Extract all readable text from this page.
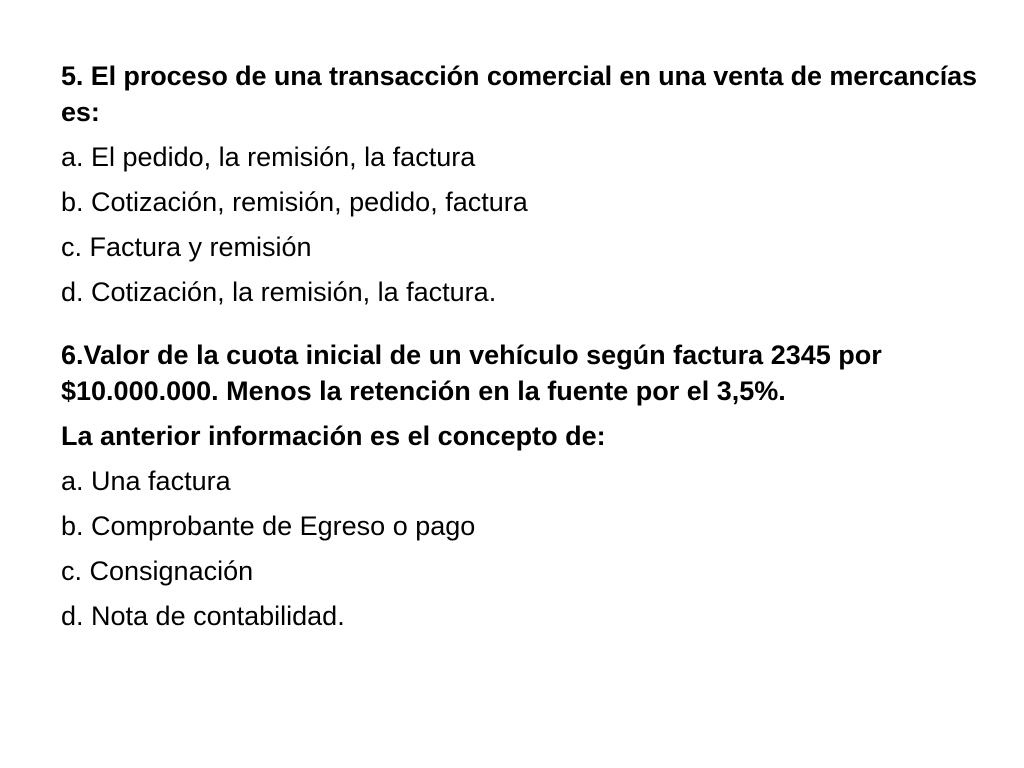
5. El proceso de una transacción comercial en una venta de mercancías es:

a. El pedido, la remisión, la factura

b. Cotización, remisión, pedido, factura

c. Factura y remisión

d. Cotización, la remisión, la factura.

6.Valor de la cuota inicial de un vehículo según factura 2345 por $10.000.000. Menos la retención en la fuente por el 3,5%.

La anterior información es el concepto de:

a. Una factura

b. Comprobante de Egreso o pago

c. Consignación

d. Nota de contabilidad.
